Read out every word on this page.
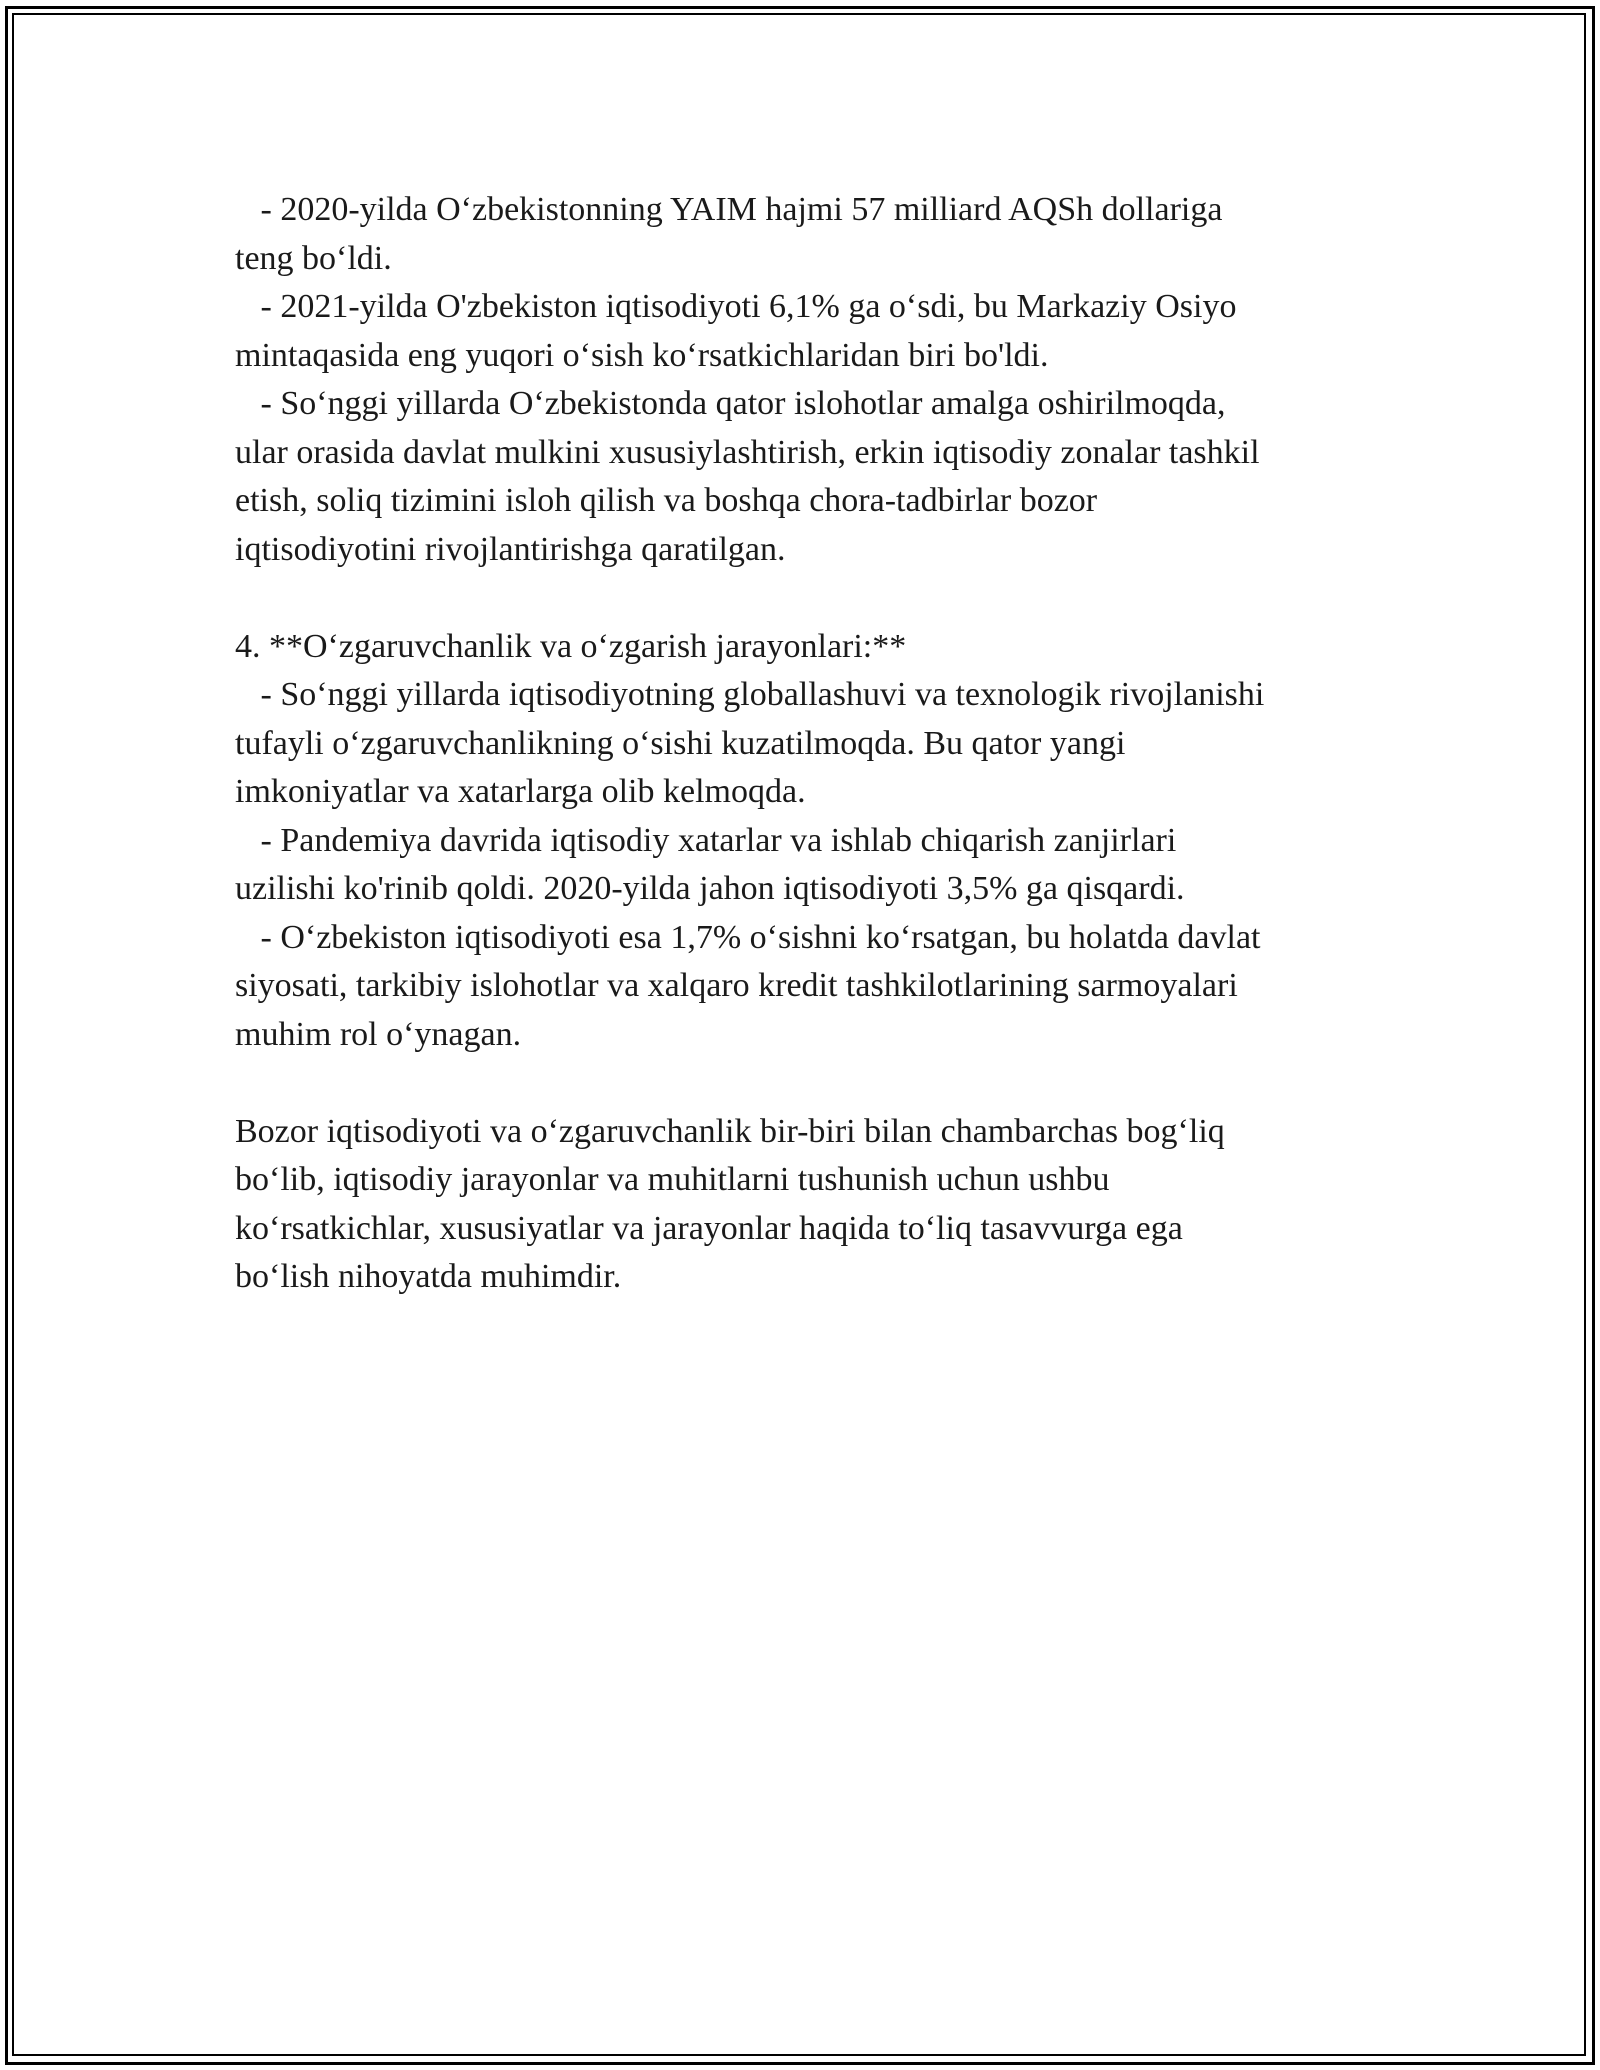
- 2020-yilda O‘zbekistonning YAIM hajmi 57 milliard AQSh dollariga
teng bo‘ldi.
- 2021-yilda O'zbekiston iqtisodiyoti 6,1% ga o‘sdi, bu Markaziy Osiyo
mintaqasida eng yuqori o‘sish ko‘rsatkichlaridan biri bo'ldi.
- So‘nggi yillarda O‘zbekistonda qator islohotlar amalga oshirilmoqda,
ular orasida davlat mulkini xususiylashtirish, erkin iqtisodiy zonalar tashkil
etish, soliq tizimini isloh qilish va boshqa chora-tadbirlar bozor
iqtisodiyotini rivojlantirishga qaratilgan.
4. **O‘zgaruvchanlik va o‘zgarish jarayonlari:**
- So‘nggi yillarda iqtisodiyotning globallashuvi va texnologik rivojlanishi
tufayli o‘zgaruvchanlikning o‘sishi kuzatilmoqda. Bu qator yangi
imkoniyatlar va xatarlarga olib kelmoqda.
- Pandemiya davrida iqtisodiy xatarlar va ishlab chiqarish zanjirlari
uzilishi ko'rinib qoldi. 2020-yilda jahon iqtisodiyoti 3,5% ga qisqardi.
- O‘zbekiston iqtisodiyoti esa 1,7% o‘sishni ko‘rsatgan, bu holatda davlat
siyosati, tarkibiy islohotlar va xalqaro kredit tashkilotlarining sarmoyalari
muhim rol o‘ynagan.
Bozor iqtisodiyoti va o‘zgaruvchanlik bir-biri bilan chambarchas bog‘liq
bo‘lib, iqtisodiy jarayonlar va muhitlarni tushunish uchun ushbu
ko‘rsatkichlar, xususiyatlar va jarayonlar haqida to‘liq tasavvurga ega
bo‘lish nihoyatda muhimdir.
